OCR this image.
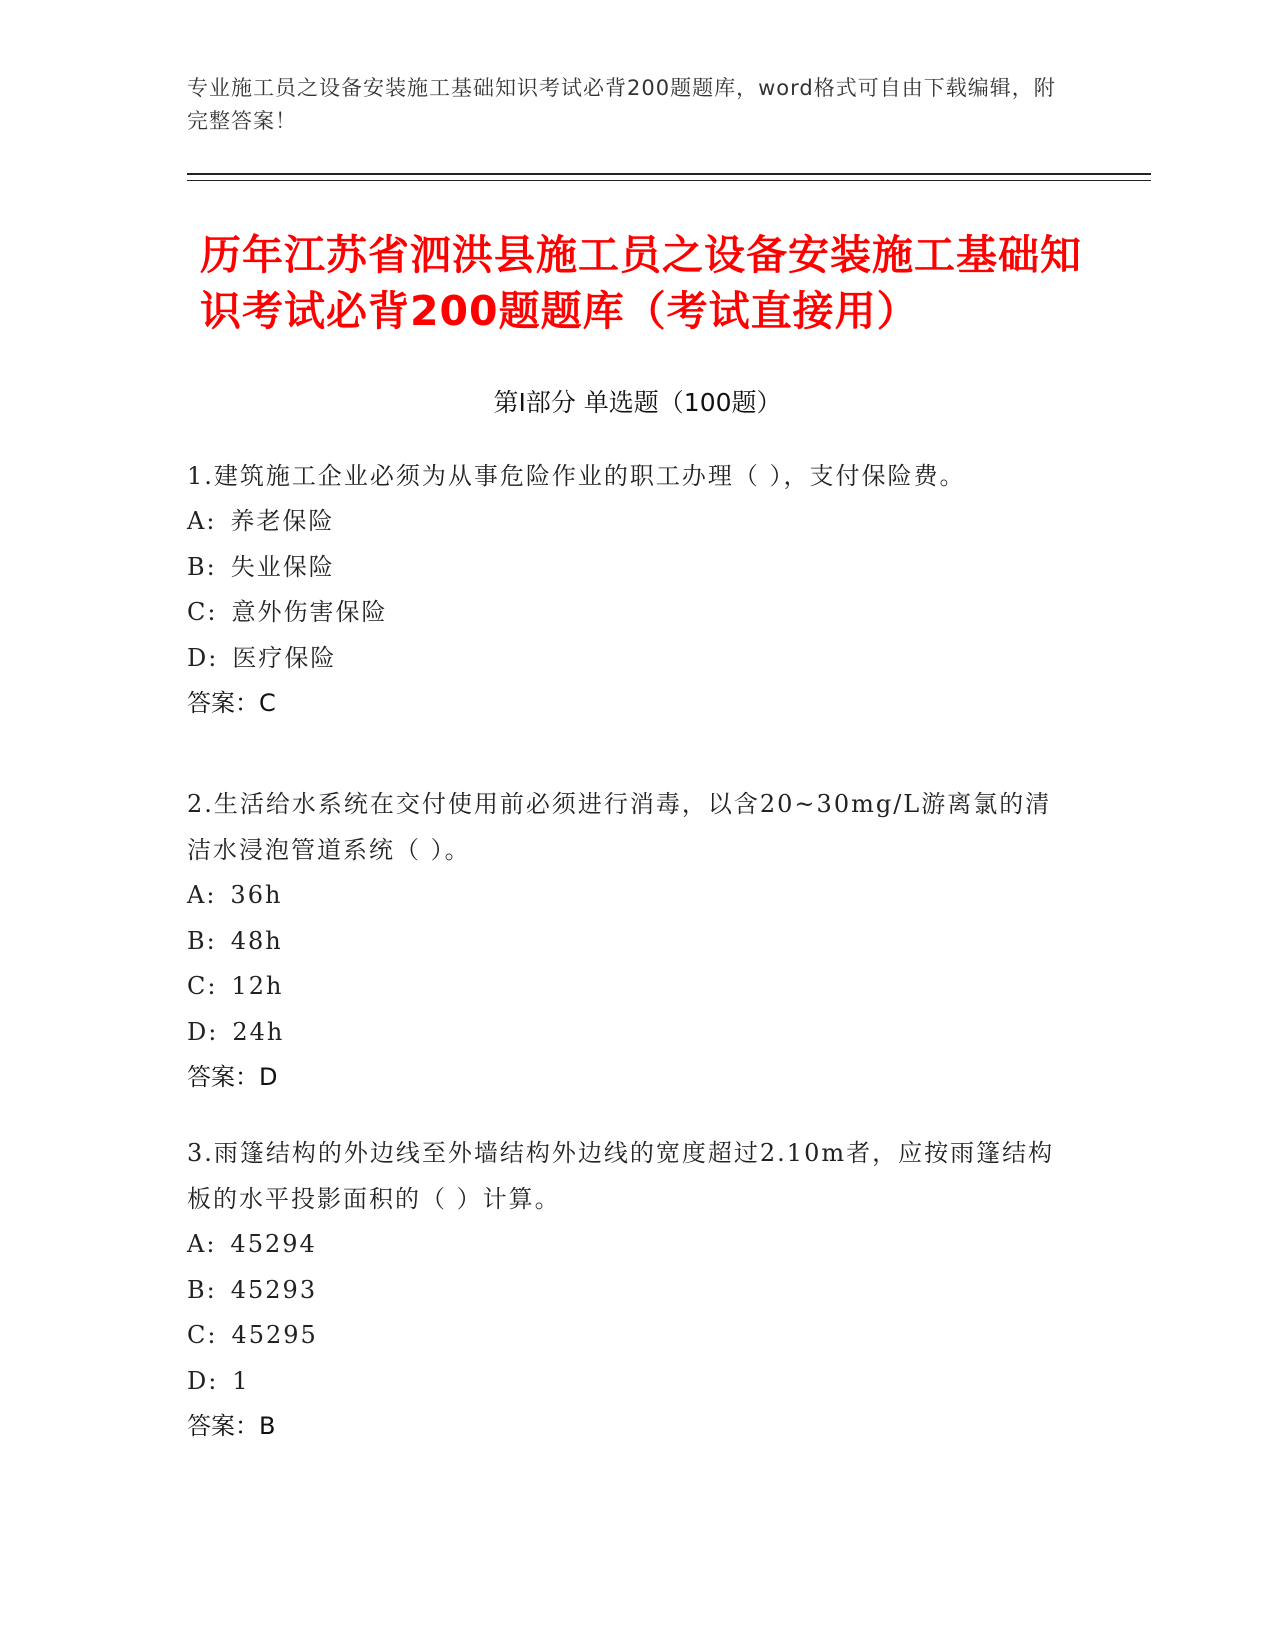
专业施工员之设备安装施工基础知识考试必背200题题库，word格式可自由下载编辑，附完整答案！
历年江苏省泗洪县施工员之设备安装施工基础知识考试必背200题题库（考试直接用）
第I部分 单选题（100题）

1.建筑施工企业必须为从事危险作业的职工办理（ ），支付保险费。

A: 养老保险

B: 失业保险

C: 意外伤害保险

D: 医疗保险

答案：C

2.生活给水系统在交付使用前必须进行消毒，以含20~30mg/L游离氯的清洁水浸泡管道系统（ ）。

A: 36h

B: 48h

C: 12h

D: 24h

答案：D

3.雨篷结构的外边线至外墙结构外边线的宽度超过2.10m者，应按雨篷结构板的水平投影面积的（ ）计算。

A: 45294

B: 45293

C: 45295

D: 1

答案：B
